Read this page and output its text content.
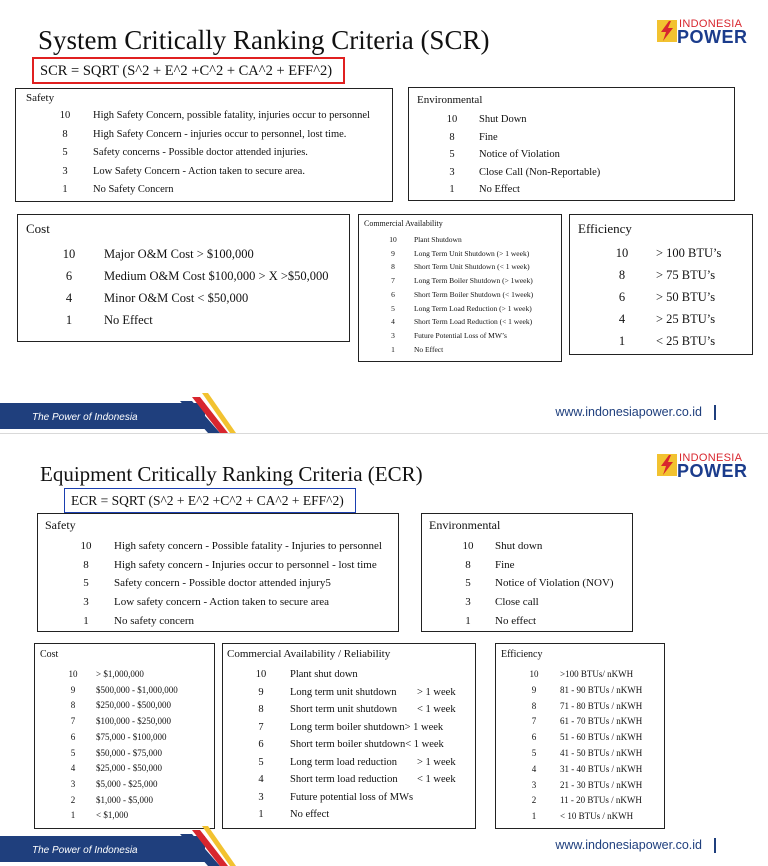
System Critically Ranking Criteria (SCR)
INDONESIA
POWER
SCR = SQRT (S^2 + E^2 +C^2 + CA^2 + EFF^2)
Safety
10	High Safety Concern, possible fatality, injuries occur to personnel
8	High Safety Concern - injuries occur to personnel, lost time.
5	Safety concerns - Possible doctor attended injuries.
3	Low Safety Concern - Action taken to secure area.
1	No Safety Concern
Environmental
10	Shut Down
8	Fine
5	Notice of Violation
3	Close Call (Non-Reportable)
1	No Effect
Cost
10	Major O&M Cost > $100,000
6	Medium O&M Cost $100,000 > X >$50,000
4	Minor O&M Cost < $50,000
1	No Effect
Commercial Availability
10	Plant Shutdown
9	Long Term Unit Shutdown (> 1 week)
8	Short Term Unit Shutdown (< 1 week)
7	Long Term Boiler Shutdown (> 1week)
6	Short Term Boiler Shutdown (< 1week)
5	Long Term Load Reduction (> 1 week)
4	Short Term Load Reduction (< 1 week)
3	Future Potential Loss of MW’s
1	No Effect
Efficiency
10	> 100 BTU’s
8	> 75 BTU’s
6	> 50 BTU’s
4	> 25 BTU’s
1	< 25 BTU’s
The Power of Indonesia	www.indonesiapower.co.id
Equipment Critically Ranking Criteria (ECR)
INDONESIA
POWER
ECR = SQRT (S^2 + E^2 +C^2 + CA^2 + EFF^2)
Safety
10	High safety concern - Possible fatality - Injuries to personnel
8	High safety concern - Injuries occur to personnel - lost time
5	Safety concern - Possible doctor attended injury5
3	Low safety concern - Action taken to secure area
1	No safety concern
Environmental
10	Shut down
8	Fine
5	Notice of Violation (NOV)
3	Close call
1	No effect
Cost
10	> $1,000,000
9	$500,000 - $1,000,000
8	$250,000 - $500,000
7	$100,000 - $250,000
6	$75,000 - $100,000
5	$50,000 - $75,000
4	$25,000 - $50,000
3	$5,000 - $25,000
2	$1,000 - $5,000
1	< $1,000
Commercial Availability / Reliability
10	Plant shut down
9	Long term unit shutdown > 1 week
8	Short term unit shutdown < 1 week
7	Long term boiler shutdown> 1 week
6	Short term boiler shutdown< 1 week
5	Long term load reduction > 1 week
4	Short term load reduction < 1 week
3	Future potential loss of MWs
1	No effect
Efficiency
10	>100 BTUs/ nKWH
9	81 - 90 BTUs / nKWH
8	71 - 80 BTUs / nKWH
7	61 - 70 BTUs / nKWH
6	51 - 60 BTUs / nKWH
5	41 - 50 BTUs / nKWH
4	31 - 40 BTUs / nKWH
3	21 - 30 BTUs / nKWH
2	11 - 20 BTUs / nKWH
1	< 10 BTUs / nKWH
The Power of Indonesia	www.indonesiapower.co.id
